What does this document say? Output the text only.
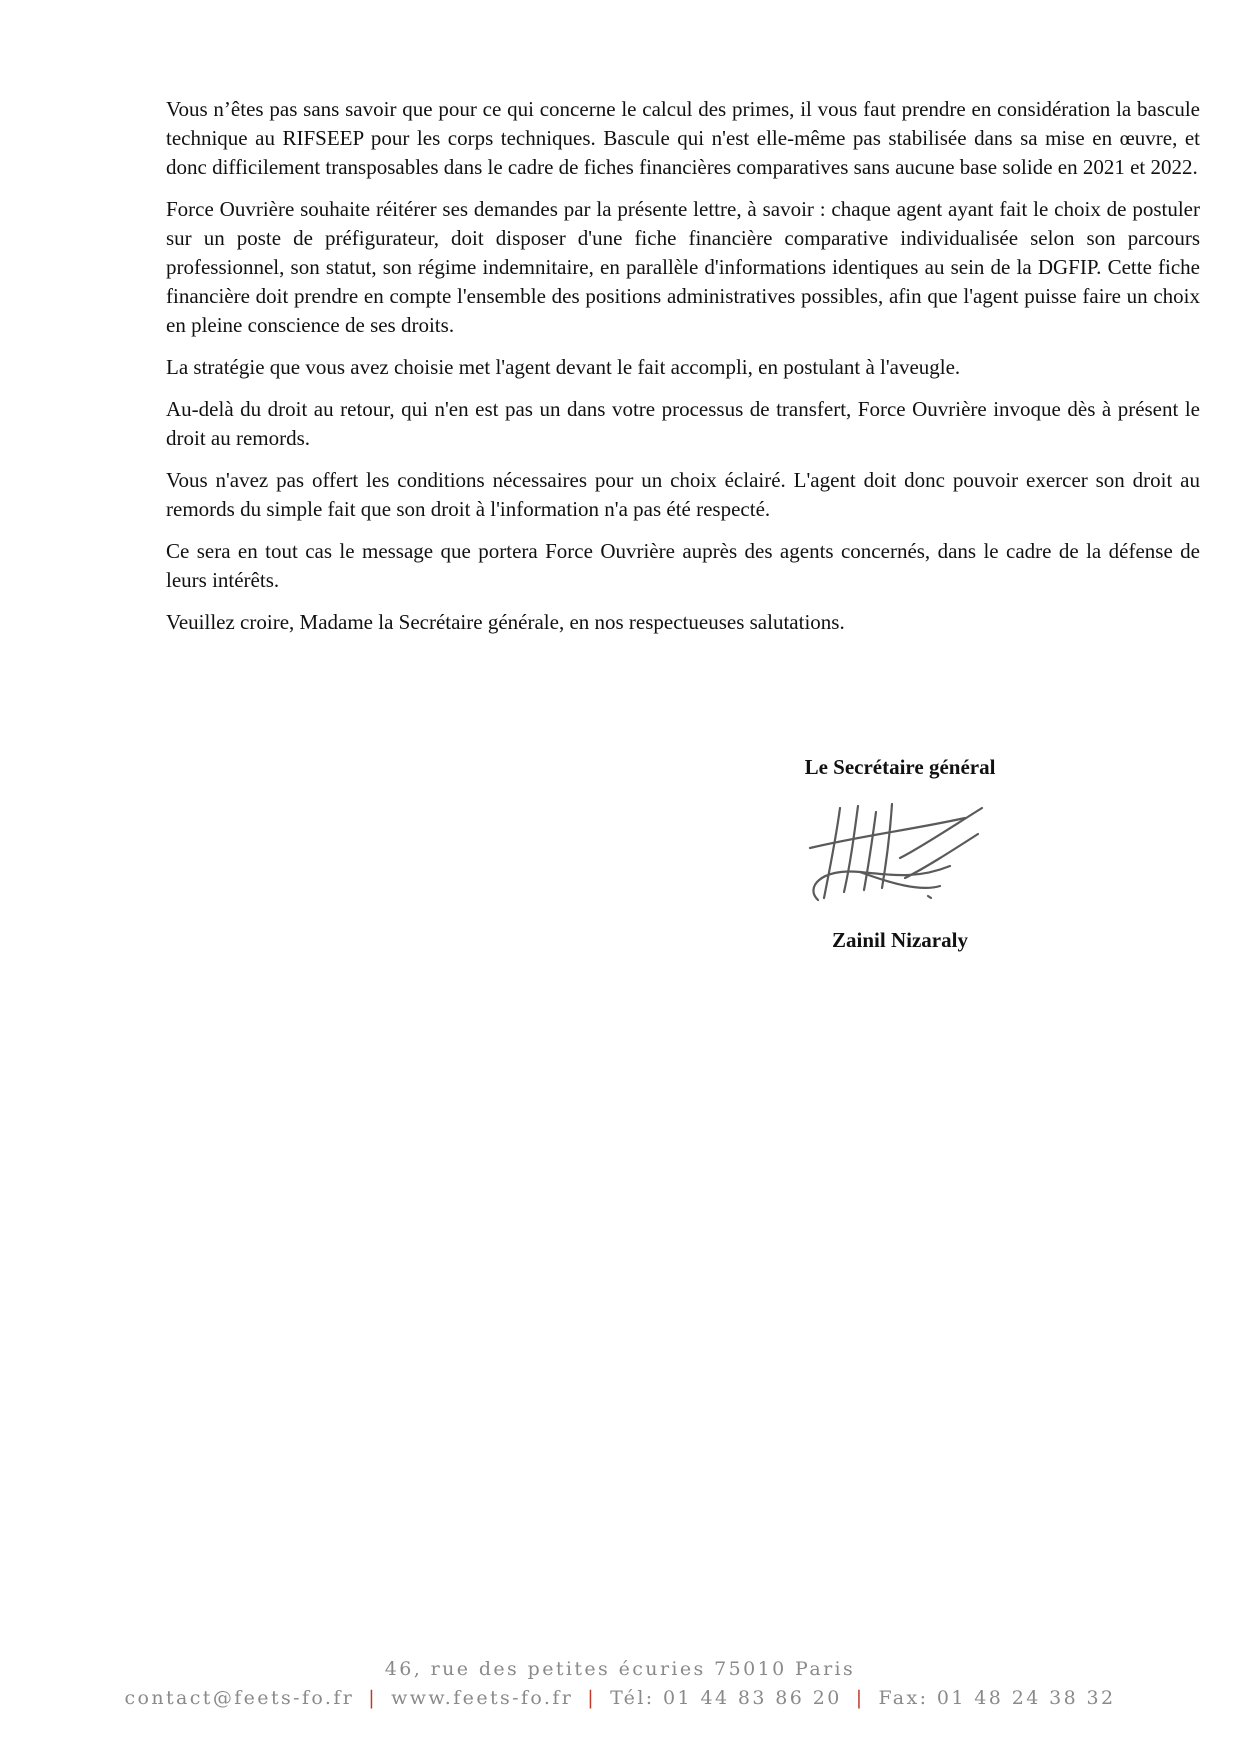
Vous n’êtes pas sans savoir que pour ce qui concerne le calcul des primes, il vous faut prendre en considération la bascule technique au RIFSEEP pour les corps techniques. Bascule qui n'est elle-même pas stabilisée dans sa mise en œuvre, et donc difficilement transposables dans le cadre de fiches financières comparatives sans aucune base solide en 2021 et 2022.

Force Ouvrière souhaite réitérer ses demandes par la présente lettre, à savoir : chaque agent ayant fait le choix de postuler sur un poste de préfigurateur, doit disposer d'une fiche financière comparative individualisée selon son parcours professionnel, son statut, son régime indemnitaire, en parallèle d'informations identiques au sein de la DGFIP. Cette fiche financière doit prendre en compte l'ensemble des positions administratives possibles, afin que l'agent puisse faire un choix en pleine conscience de ses droits.

La stratégie que vous avez choisie met l'agent devant le fait accompli, en postulant à l'aveugle.

Au-delà du droit au retour, qui n'en est pas un dans votre processus de transfert, Force Ouvrière invoque dès à présent le droit au remords.

Vous n'avez pas offert les conditions nécessaires pour un choix éclairé. L'agent doit donc pouvoir exercer son droit au remords du simple fait que son droit à l'information n'a pas été respecté.

Ce sera en tout cas le message que portera Force Ouvrière auprès des agents concernés, dans le cadre de la défense de leurs intérêts.

Veuillez croire, Madame la Secrétaire générale, en nos respectueuses salutations.

Le Secrétaire général
Zainil Nizaraly
46, rue des petites écuries 75010 Paris
contact@feets-fo.fr | www.feets-fo.fr | Tél: 01 44 83 86 20 | Fax: 01 48 24 38 32
